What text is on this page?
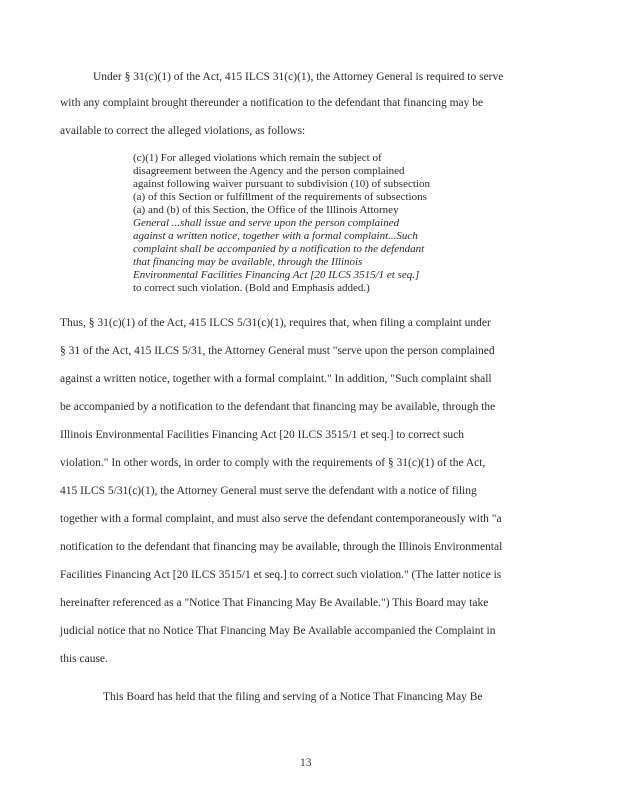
Under § 31(c)(1) of the Act, 415 ILCS 31(c)(1), the Attorney General is required to serve
with any complaint brought thereunder a notification to the defendant that financing may be
available to correct the alleged violations, as follows:
(c)(1) For alleged violations which remain the subject of
disagreement between the Agency and the person complained
against following waiver pursuant to subdivision (10) of subsection
(a) of this Section or fulfillment of the requirements of subsections
(a) and (b) of this Section, the Office of the Illinois Attorney
General ...shall issue and serve upon the person complained
against a written notice, together with a formal complaint...Such
complaint shall be accompanied by a notification to the defendant
that financing may be available, through the Illinois
Environmental Facilities Financing Act [20 ILCS 3515/1 et seq.]
to correct such violation. (Bold and Emphasis added.)
Thus, § 31(c)(1) of the Act, 415 ILCS 5/31(c)(1), requires that, when filing a complaint under
§ 31 of the Act, 415 ILCS 5/31, the Attorney General must "serve upon the person complained
against a written notice, together with a formal complaint." In addition, "Such complaint shall
be accompanied by a notification to the defendant that financing may be available, through the
Illinois Environmental Facilities Financing Act [20 ILCS 3515/1 et seq.] to correct such
violation." In other words, in order to comply with the requirements of § 31(c)(1) of the Act,
415 ILCS 5/31(c)(1), the Attorney General must serve the defendant with a notice of filing
together with a formal complaint, and must also serve the defendant contemporaneously with "a
notification to the defendant that financing may be available, through the Illinois Environmental
Facilities Financing Act [20 ILCS 3515/1 et seq.] to correct such violation." (The latter notice is
hereinafter referenced as a "Notice That Financing May Be Available.") This Board may take
judicial notice that no Notice That Financing May Be Available accompanied the Complaint in
this cause.
This Board has held that the filing and serving of a Notice That Financing May Be
13
